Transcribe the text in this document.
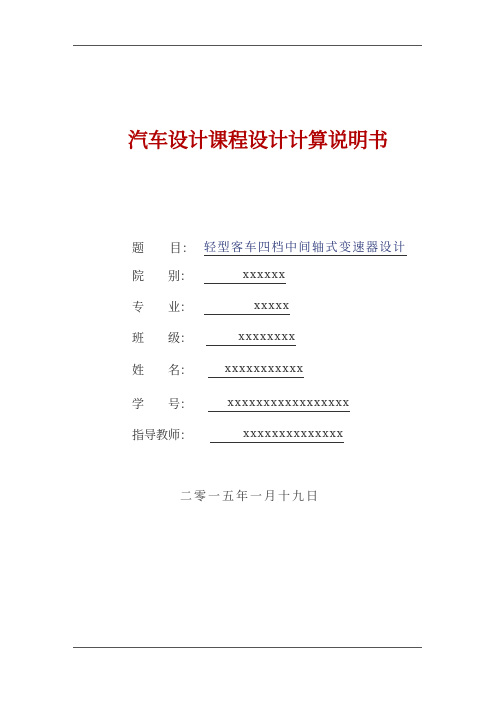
汽车设计课程设计计算说明书
题　　目： 轻型客车四档中间轴式变速器设计
院　　别：	xxxxxx
专　　业：	xxxxx
班　　级：	xxxxxxxx
姓　　名：	xxxxxxxxxxx
学　　号：	xxxxxxxxxxxxxxxxx
指导教师：	xxxxxxxxxxxxxx
二零一五年一月十九日
